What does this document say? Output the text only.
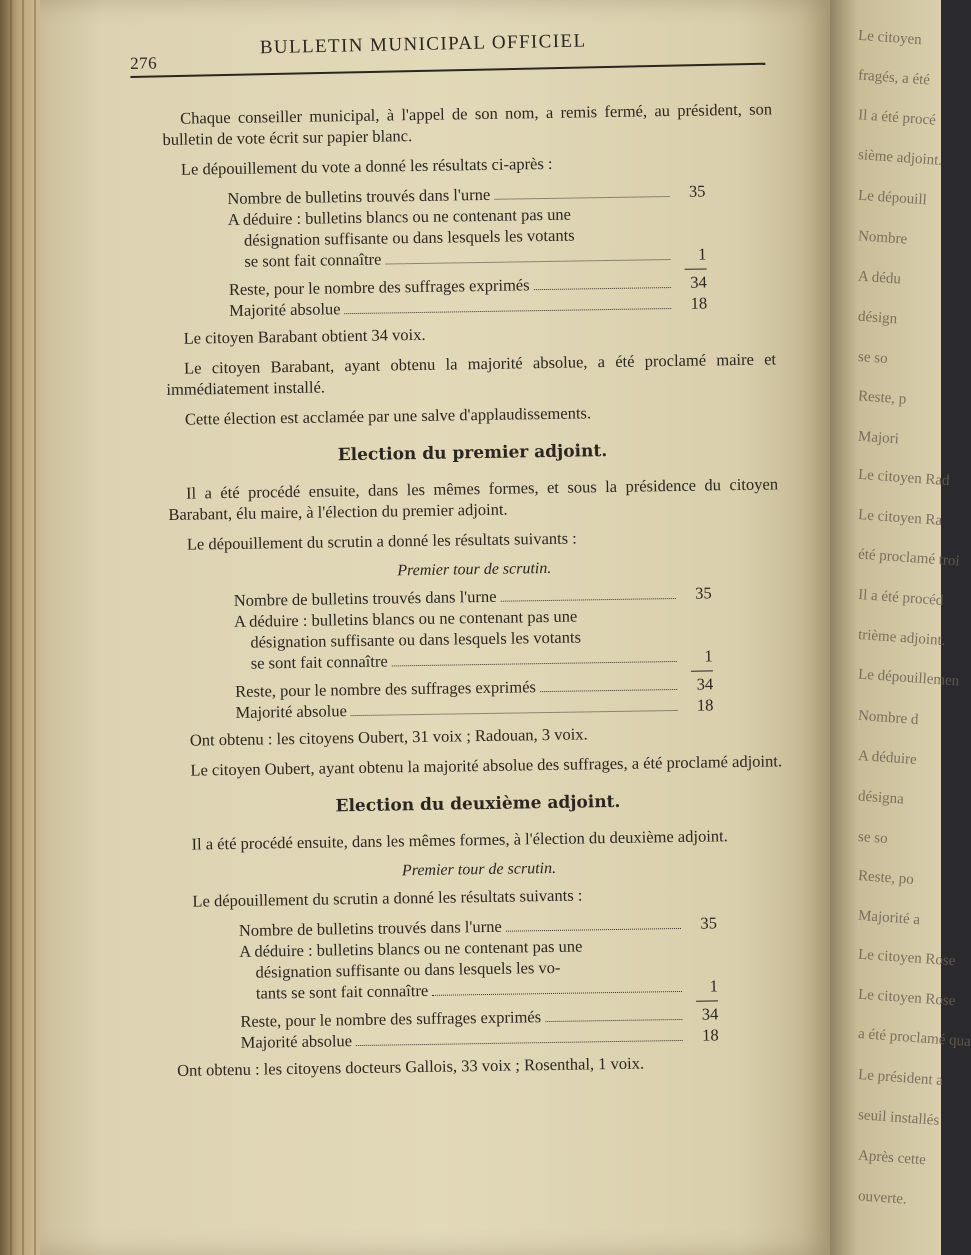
Le citoyen
fragés, a été
Il a été procé
sième adjoint.
Le dépouill
Nombre
A dédu
désign
se so
Reste, p
Majori
Le citoyen Rad
Le citoyen Ra
été proclamé troi
Il a été procéd
trième adjoint.
Le dépouillemen
Nombre d
A déduire
désigna
se so
Reste, po
Majorité a
Le citoyen Rose
Le citoyen Rose
a été proclamé qua
Le président a
seuil installés
Après cette
ouverte.
276
BULLETIN MUNICIPAL OFFICIEL

Chaque conseiller municipal, à l'appel de son nom, a remis fermé, au président, son bulletin de vote écrit sur papier blanc.

Le dépouillement du vote a donné les résultats ci-après :

Nombre de bulletins trouvés dans l'urne	35
A déduire : bulletins blancs ou ne contenant pas une
désignation suffisante ou dans lesquels les votants
se sont fait connaître	1
Reste, pour le nombre des suffrages exprimés	34
Majorité absolue	18

Le citoyen Barabant obtient 34 voix.

Le citoyen Barabant, ayant obtenu la majorité absolue, a été proclamé maire et immédiatement installé.

Cette élection est acclamée par une salve d'applaudissements.

Election du premier adjoint.

Il a été procédé ensuite, dans les mêmes formes, et sous la présidence du citoyen Barabant, élu maire, à l'élection du premier adjoint.

Le dépouillement du scrutin a donné les résultats suivants :

Premier tour de scrutin.
Nombre de bulletins trouvés dans l'urne	35
A déduire : bulletins blancs ou ne contenant pas une
désignation suffisante ou dans lesquels les votants
se sont fait connaître	1
Reste, pour le nombre des suffrages exprimés	34
Majorité absolue	18

Ont obtenu : les citoyens Oubert, 31 voix ; Radouan, 3 voix.

Le citoyen Oubert, ayant obtenu la majorité absolue des suffrages, a été proclamé adjoint.

Election du deuxième adjoint.

Il a été procédé ensuite, dans les mêmes formes, à l'élection du deuxième adjoint.

Premier tour de scrutin.

Le dépouillement du scrutin a donné les résultats suivants :

Nombre de bulletins trouvés dans l'urne	35
A déduire : bulletins blancs ou ne contenant pas une
désignation suffisante ou dans lesquels les vo-
tants se sont fait connaître	1
Reste, pour le nombre des suffrages exprimés	34
Majorité absolue	18

Ont obtenu : les citoyens docteurs Gallois, 33 voix ; Rosenthal, 1 voix.
